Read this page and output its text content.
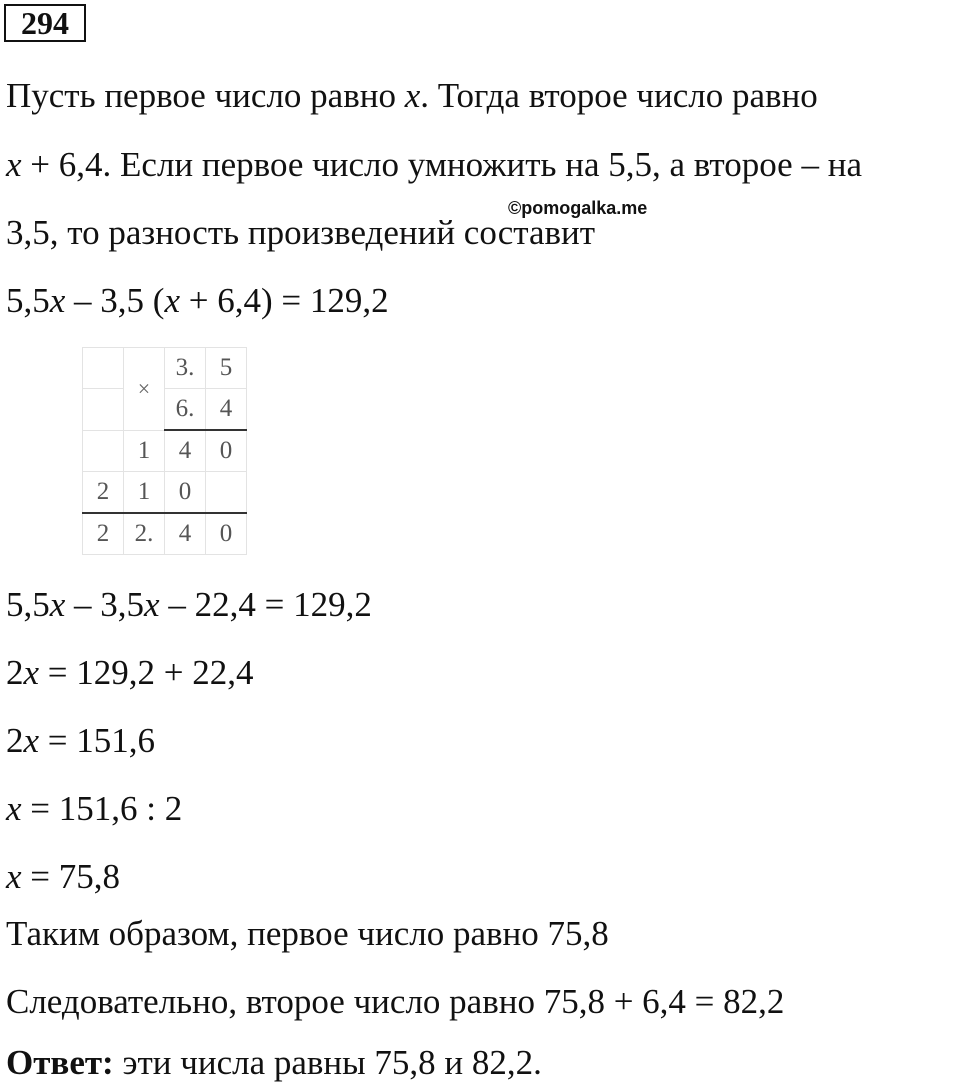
294
Пусть первое число равно x. Тогда второе число равно
x + 6,4. Если первое число умножить на 5,5, а второе – на
3,5, то разность произведений составит
©pomogalka.me
5,5x – 3,5 (x + 6,4) = 129,2
	×	3.	5
		6.	4
	1	4	0
2	1	0	
2	2.	4	0
5,5x – 3,5x – 22,4 = 129,2
2x = 129,2 + 22,4
2x = 151,6
x = 151,6 : 2
x = 75,8
Таким образом, первое число равно 75,8
Следовательно, второе число равно 75,8 + 6,4 = 82,2
Ответ: эти числа равны 75,8 и 82,2.
